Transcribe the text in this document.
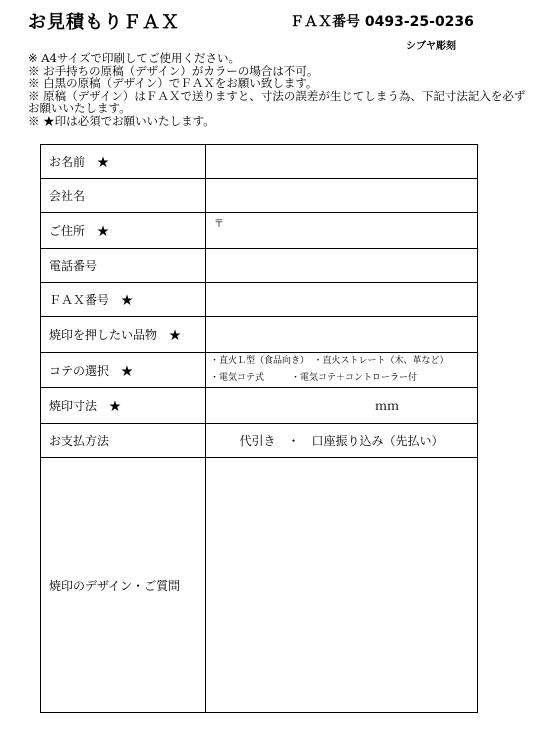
お見積もりＦＡＸ	ＦＡＸ番号 0493-25-0236
シブヤ彫刻
※ A4サイズで印刷してご使用ください。
※ お手持ちの原稿（デザイン）がカラーの場合は不可。
※ 白黒の原稿（デザイン）でＦＡＸをお願い致します。
※ 原稿（デザイン）はＦＡＸで送りますと、寸法の誤差が生じてしまう為、下記寸法記入を必ずお願いいたします。
※ ★印は必須でお願いいたします。
お名前　★	
会社名	
ご住所　★	〒
電話番号	
ＦＡＸ番号　★	
焼印を押したい品物　★	
コテの選択　★	・直火Ｌ型（食品向き）　・直火ストレート（木、革など）
・電気コテ式　　　・電気コテ＋コントローラー付

焼印寸法　★	ｍｍ

お支払方法	代引き　・　口座振り込み（先払い）

焼印のデザイン・ご質問	
